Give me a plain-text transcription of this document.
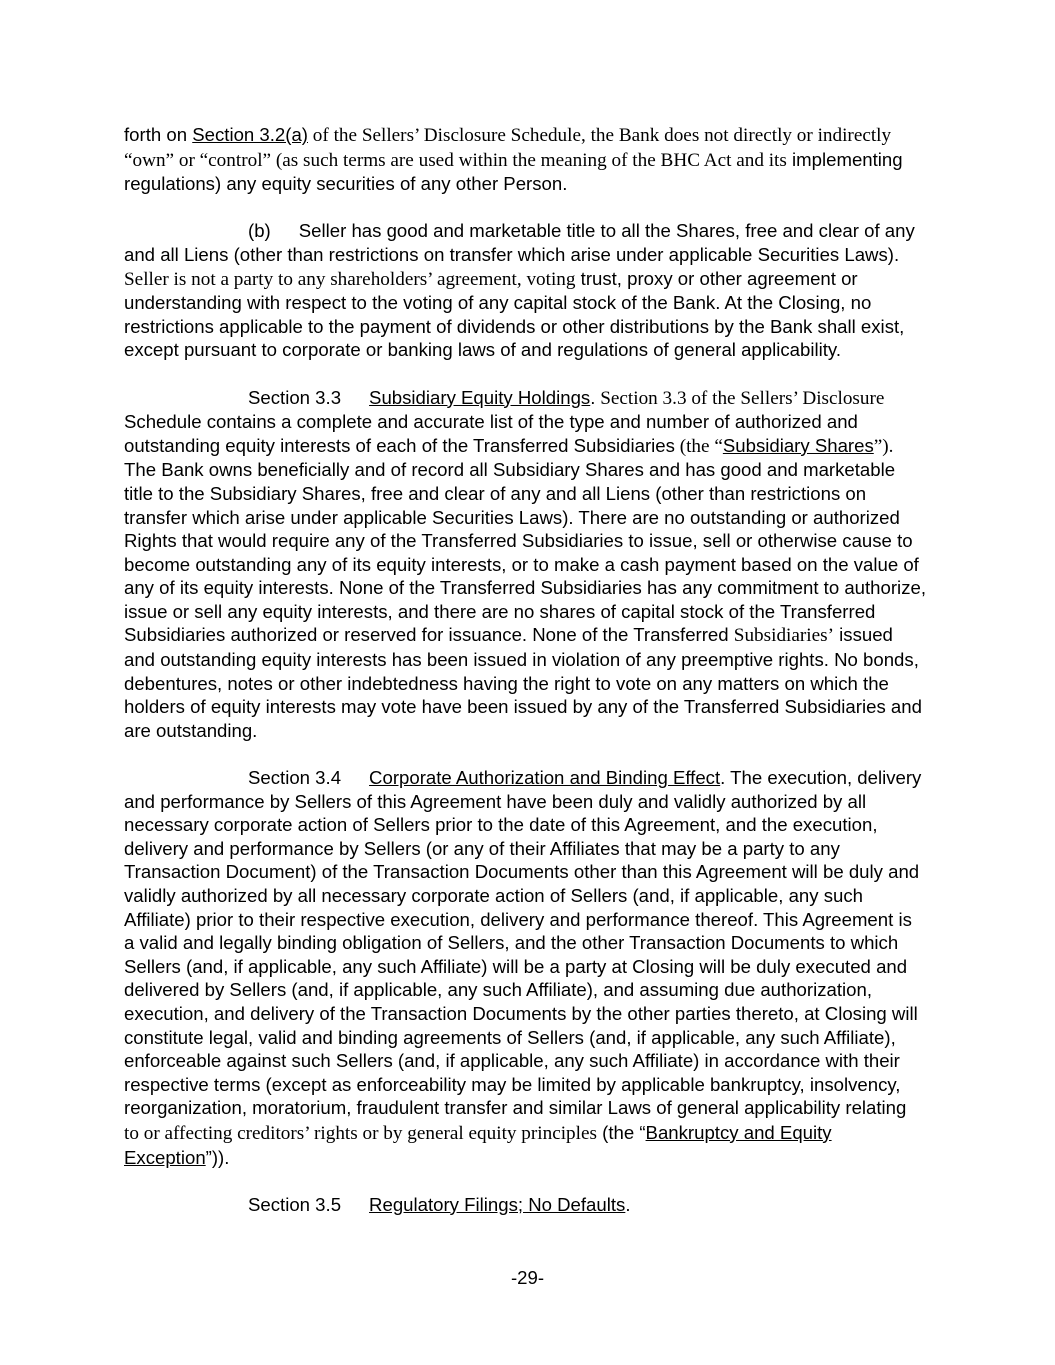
forth on Section 3.2(a) of the Sellers’ Disclosure Schedule, the Bank does not directly or indirectly “own” or “control” (as such terms are used within the meaning of the BHC Act and its implementing regulations) any equity securities of any other Person.

(b) Seller has good and marketable title to all the Shares, free and clear of any and all Liens (other than restrictions on transfer which arise under applicable Securities Laws). Seller is not a party to any shareholders’ agreement, voting trust, proxy or other agreement or understanding with respect to the voting of any capital stock of the Bank. At the Closing, no restrictions applicable to the payment of dividends or other distributions by the Bank shall exist, except pursuant to corporate or banking laws of and regulations of general applicability.

Section 3.3 Subsidiary Equity Holdings. Section 3.3 of the Sellers’ Disclosure Schedule contains a complete and accurate list of the type and number of authorized and outstanding equity interests of each of the Transferred Subsidiaries (the “Subsidiary Shares”). The Bank owns beneficially and of record all Subsidiary Shares and has good and marketable title to the Subsidiary Shares, free and clear of any and all Liens (other than restrictions on transfer which arise under applicable Securities Laws). There are no outstanding or authorized Rights that would require any of the Transferred Subsidiaries to issue, sell or otherwise cause to become outstanding any of its equity interests, or to make a cash payment based on the value of any of its equity interests. None of the Transferred Subsidiaries has any commitment to authorize, issue or sell any equity interests, and there are no shares of capital stock of the Transferred Subsidiaries authorized or reserved for issuance. None of the Transferred Subsidiaries’ issued and outstanding equity interests has been issued in violation of any preemptive rights. No bonds, debentures, notes or other indebtedness having the right to vote on any matters on which the holders of equity interests may vote have been issued by any of the Transferred Subsidiaries and are outstanding.

Section 3.4 Corporate Authorization and Binding Effect. The execution, delivery and performance by Sellers of this Agreement have been duly and validly authorized by all necessary corporate action of Sellers prior to the date of this Agreement, and the execution, delivery and performance by Sellers (or any of their Affiliates that may be a party to any Transaction Document) of the Transaction Documents other than this Agreement will be duly and validly authorized by all necessary corporate action of Sellers (and, if applicable, any such Affiliate) prior to their respective execution, delivery and performance thereof. This Agreement is a valid and legally binding obligation of Sellers, and the other Transaction Documents to which Sellers (and, if applicable, any such Affiliate) will be a party at Closing will be duly executed and delivered by Sellers (and, if applicable, any such Affiliate), and assuming due authorization, execution, and delivery of the Transaction Documents by the other parties thereto, at Closing will constitute legal, valid and binding agreements of Sellers (and, if applicable, any such Affiliate), enforceable against such Sellers (and, if applicable, any such Affiliate) in accordance with their respective terms (except as enforceability may be limited by applicable bankruptcy, insolvency, reorganization, moratorium, fraudulent transfer and similar Laws of general applicability relating to or affecting creditors’ rights or by general equity principles (the “Bankruptcy and Equity Exception”)).

Section 3.5 Regulatory Filings; No Defaults.

-29-
